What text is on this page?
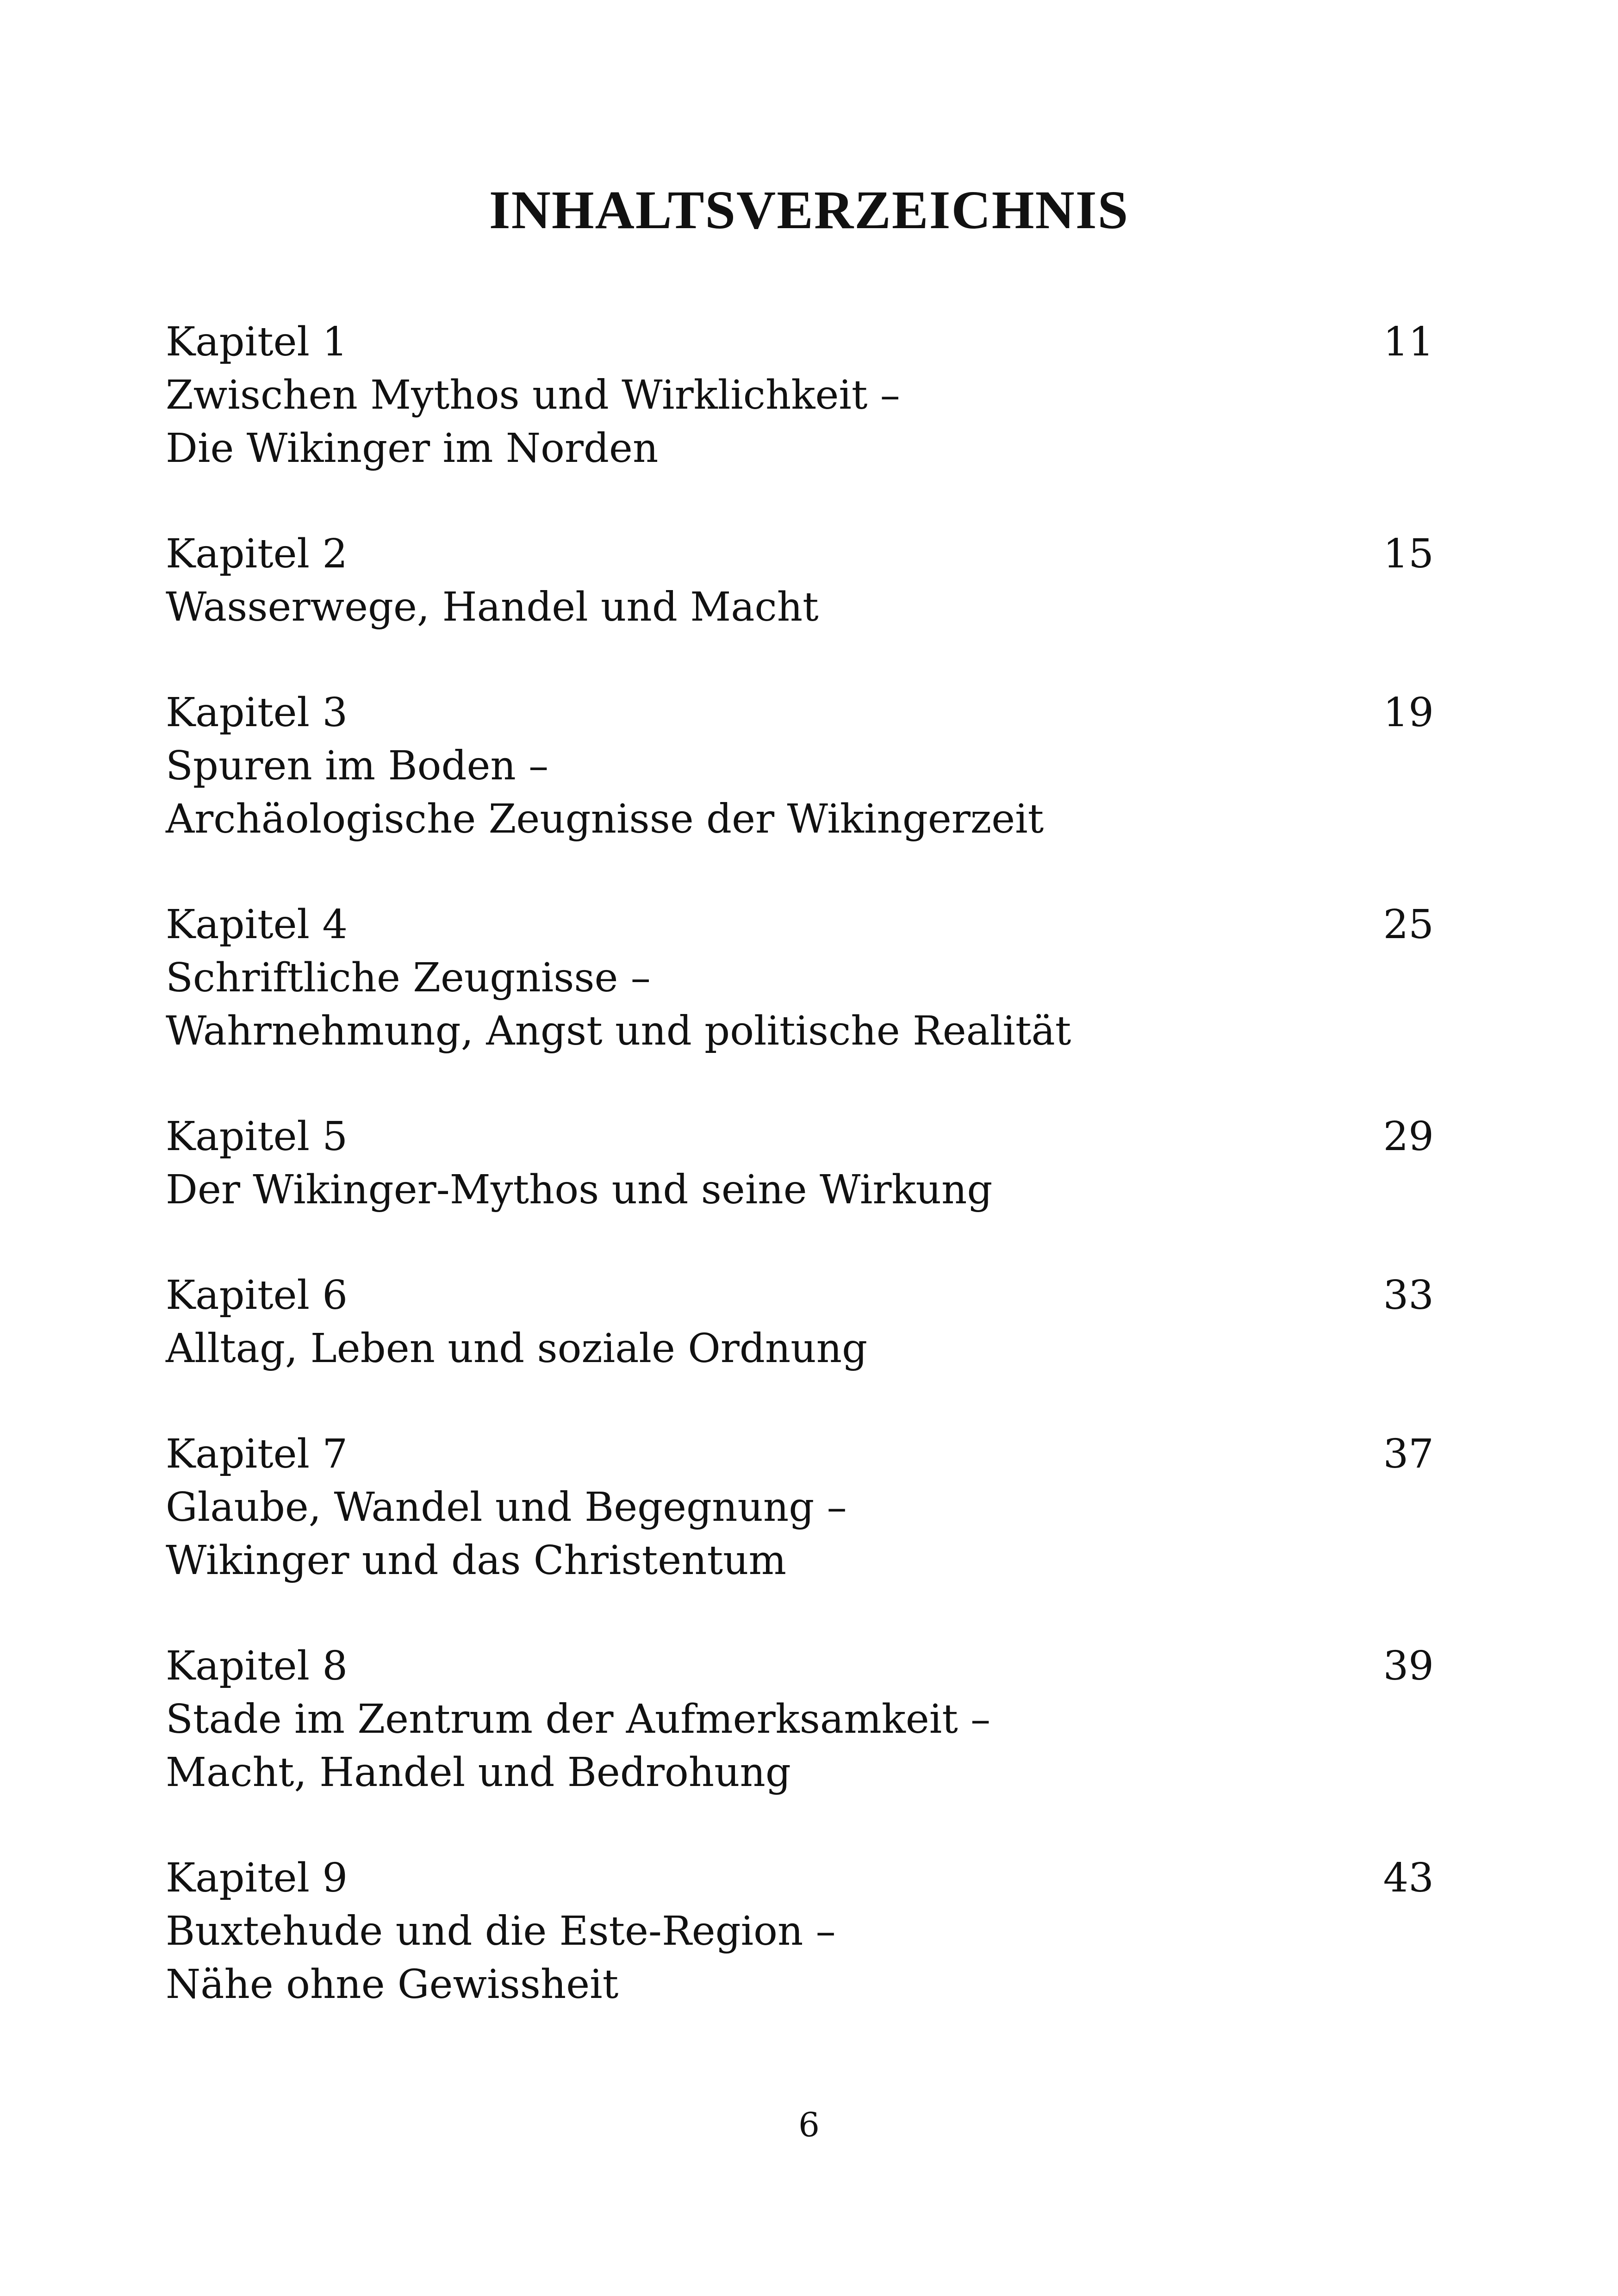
INHALTSVERZEICHNIS
Kapitel 1	11
Zwischen Mythos und Wirklichkeit –
Die Wikinger im Norden
Kapitel 2	15
Wasserwege, Handel und Macht
Kapitel 3	19
Spuren im Boden –
Archäologische Zeugnisse der Wikingerzeit
Kapitel 4	25
Schriftliche Zeugnisse –
Wahrnehmung, Angst und politische Realität
Kapitel 5	29
Der Wikinger-Mythos und seine Wirkung
Kapitel 6	33
Alltag, Leben und soziale Ordnung
Kapitel 7	37
Glaube, Wandel und Begegnung –
Wikinger und das Christentum
Kapitel 8	39
Stade im Zentrum der Aufmerksamkeit –
Macht, Handel und Bedrohung
Kapitel 9	43
Buxtehude und die Este-Region –
Nähe ohne Gewissheit
6
